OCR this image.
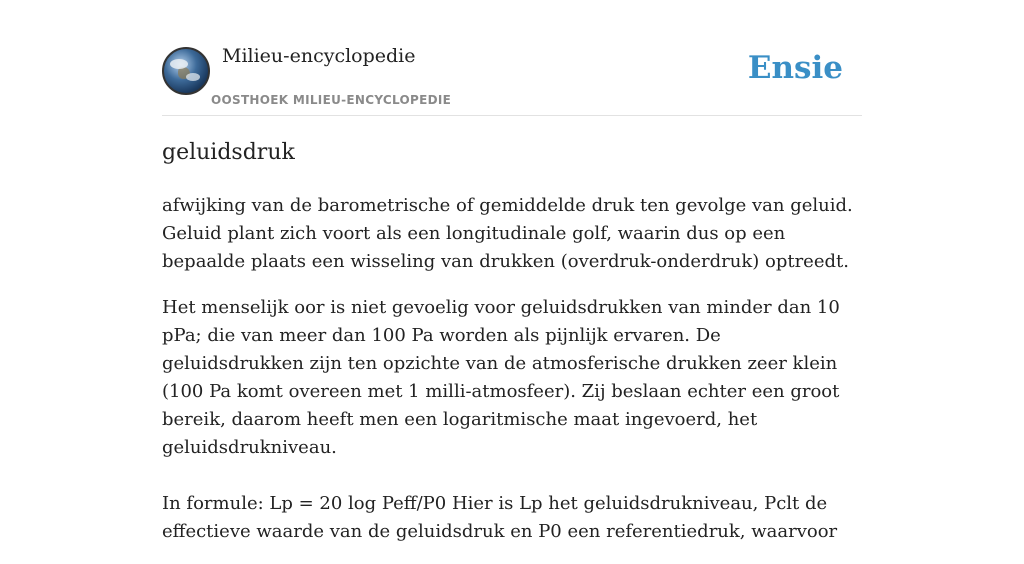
Milieu-encyclopedie
OOSTHOEK MILIEU-ENCYCLOPEDIE
Ensie
geluidsdruk

afwijking van de barometrische of gemiddelde druk ten gevolge van geluid. Geluid plant zich voort als een longitudinale golf, waarin dus op een bepaalde plaats een wisseling van drukken (overdruk-onderdruk) optreedt.

Het menselijk oor is niet gevoelig voor geluidsdrukken van minder dan 10 pPa; die van meer dan 100 Pa worden als pijnlijk ervaren. De geluidsdrukken zijn ten opzichte van de atmosferische drukken zeer klein (100 Pa komt overeen met 1 milli-atmosfeer). Zij beslaan echter een groot bereik, daarom heeft men een logaritmische maat ingevoerd, het geluidsdrukniveau.

In formule: Lp = 20 log Peff/P0 Hier is Lp het geluidsdrukniveau, Pclt de effectieve waarde van de geluidsdruk en P0 een referentiedruk, waarvoor
